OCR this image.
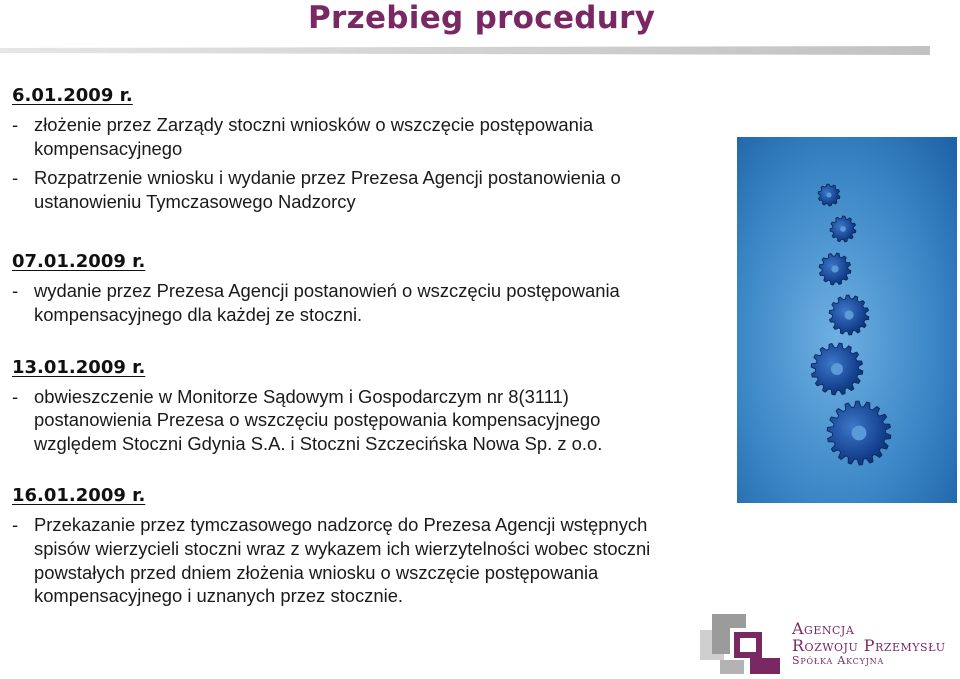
Przebieg procedury
6.01.2009 r.
- złożenie przez Zarządy stoczni wniosków o wszczęcie postępowania
kompensacyjnego
- Rozpatrzenie wniosku i wydanie przez Prezesa Agencji postanowienia o
ustanowieniu Tymczasowego Nadzorcy
07.01.2009 r.
- wydanie przez Prezesa Agencji postanowień o wszczęciu postępowania
kompensacyjnego dla każdej ze stoczni.
13.01.2009 r.
- obwieszczenie w Monitorze Sądowym i Gospodarczym nr 8(3111)
postanowienia Prezesa o wszczęciu postępowania kompensacyjnego
względem Stoczni Gdynia S.A. i Stoczni Szczecińska Nowa Sp. z o.o.
16.01.2009 r.
- Przekazanie przez tymczasowego nadzorcę do Prezesa Agencji wstępnych
spisów wierzycieli stoczni wraz z wykazem ich wierzytelności wobec stoczni
powstałych przed dniem złożenia wniosku o wszczęcie postępowania
kompensacyjnego i uznanych przez stocznie.
Agencja
Rozwoju Przemysłu
Spółka Akcyjna
